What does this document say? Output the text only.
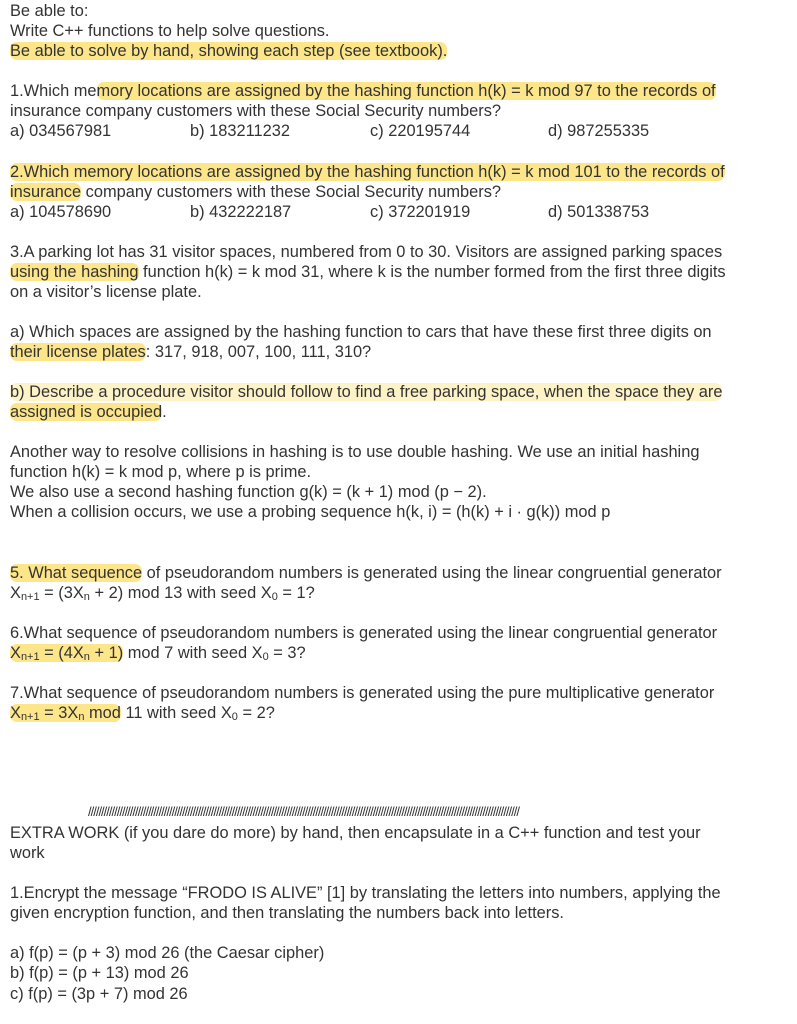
Be able to:
Write C++ functions to help solve questions.
Be able to solve by hand, showing each step (see textbook).
1.Which memory locations are assigned by the hashing function h(k) = k mod 97 to the records of
insurance company customers with these Social Security numbers?
a) 034567981	b) 183211232	c) 220195744	d) 987255335
2.Which memory locations are assigned by the hashing function h(k) = k mod 101 to the records of
insurance company customers with these Social Security numbers?
a) 104578690	b) 432222187	c) 372201919	d) 501338753
3.A parking lot has 31 visitor spaces, numbered from 0 to 30. Visitors are assigned parking spaces
using the hashing function h(k) = k mod 31, where k is the number formed from the first three digits
on a visitor’s license plate.
a) Which spaces are assigned by the hashing function to cars that have these first three digits on
their license plates: 317, 918, 007, 100, 111, 310?
b) Describe a procedure visitor should follow to find a free parking space, when the space they are
assigned is occupied.
Another way to resolve collisions in hashing is to use double hashing. We use an initial hashing
function h(k) = k mod p, where p is prime.
We also use a second hashing function g(k) = (k + 1) mod (p − 2).
When a collision occurs, we use a probing sequence h(k, i) = (h(k) + i · g(k)) mod p
5. What sequence of pseudorandom numbers is generated using the linear congruential generator
$X_{n+1} = (3X_n + 2)$ mod 13 with seed $X_0 = 1$?
6.What sequence of pseudorandom numbers is generated using the linear congruential generator
$X_{n+1} = (4X_n + 1)$ mod 7 with seed $X_0 = 3$?
7.What sequence of pseudorandom numbers is generated using the pure multiplicative generator
$X_{n+1} = 3X_n$ mod 11 with seed $X_0 = 2$?
/////////////////////////////////////////////////////////////////////////////////////////////////////////////////////////////////////////////////////////////////////
EXTRA WORK (if you dare do more) by hand, then encapsulate in a C++ function and test your
work
1.Encrypt the message “FRODO IS ALIVE” [1] by translating the letters into numbers, applying the
given encryption function, and then translating the numbers back into letters.
a) f(p) = (p + 3) mod 26 (the Caesar cipher)
b) f(p) = (p + 13) mod 26
c) f(p) = (3p + 7) mod 26
